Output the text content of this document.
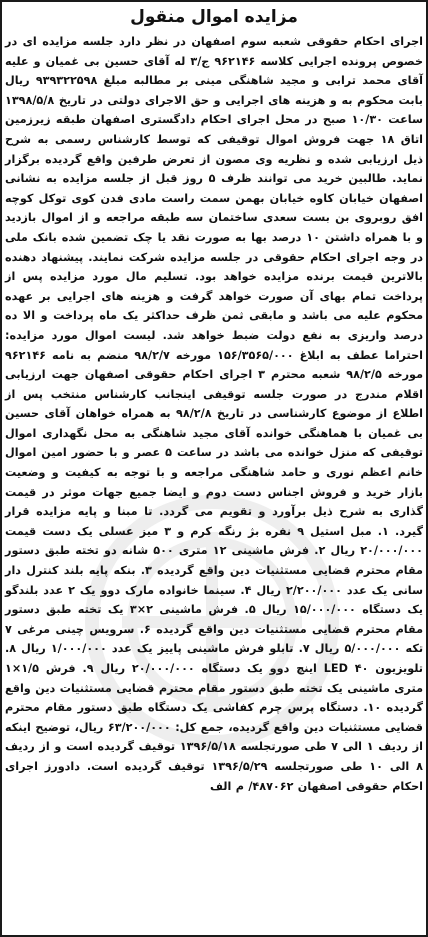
مزایده اموال منقول

اجرای احکام حقوقی شعبه سوم اصفهان در نظر دارد جلسه مزایده ای در خصوص پرونده اجرایی کلاسه ۹۶۲۱۴۶ ج/۳ له آقای حسین بی غمیان و علیه آقای محمد ترابی و مجید شاهنگی مینی بر مطالبه مبلغ ۹۳۹۳۲۲۵۹۸ ریال بابت محکوم به و هزینه های اجرایی و حق الاجرای دولتی در تاریخ ۱۳۹۸/۵/۸ ساعت ۱۰/۳۰ صبح در محل اجرای احکام دادگستری اصفهان طبقه زیرزمین اتاق ۱۸ جهت فروش اموال توقیفی که توسط کارشناس رسمی به شرح ذیل ارزیابی شده و نظریه وی مصون از تعرض طرفین واقع گردیده برگزار نماید. طالبین خرید می توانند ظرف ۵ روز قبل از جلسه مزایده به نشانی اصفهان خیابان کاوه خیابان بهمن سمت راست مادی فدن کوی توکل کوچه افق روبروی بن بست سعدی ساختمان سه طبقه مراجعه و از اموال بازدید و با همراه داشتن ۱۰ درصد بها به صورت نقد یا چک تضمین شده بانک ملی در وجه اجرای احکام حقوقی در جلسه مزایده شرکت نمایند. پیشنهاد دهنده بالاترین قیمت برنده مزایده خواهد بود. تسلیم مال مورد مزایده پس از پرداخت تمام بهای آن صورت خواهد گرفت و هزینه های اجرایی بر عهده محکوم علیه می باشد و مابقی ثمن ظرف حداکثر یک ماه پرداخت و الا ده درصد واریزی به نفع دولت ضبط خواهد شد. لیست اموال مورد مزایده: احتراما عطف به ابلاغ ۱۵۶/۳۵۶۵/۰۰۰ مورخه ۹۸/۲/۷ منضم به نامه ۹۶۲۱۴۶ مورخه ۹۸/۲/۵ شعبه محترم ۳ اجرای احکام حقوقی اصفهان جهت ارزیابی اقلام مندرج در صورت جلسه توقیفی اینجانب کارشناس منتخب پس از اطلاع از موضوع کارشناسی در تاریخ ۹۸/۲/۸ به همراه خواهان آقای حسین بی غمیان با هماهنگی خوانده آقای مجید شاهنگی به محل نگهداری اموال توقیفی که منزل خوانده می باشد در ساعت ۵ عصر و با حضور امین اموال خانم اعظم نوری و حامد شاهنگی مراجعه و با توجه به کیفیت و وضعیت بازار خرید و فروش اجناس دست دوم و ایضا جمیع جهات موثر در قیمت گذاری به شرح ذیل برآورد و تقویم می گردد. تا مبنا و پایه مزایده قرار گیرد. ۱. مبل استیل ۹ نفره بژ رنگه کرم و ۳ میز عسلی یک دست قیمت ۲۰/۰۰۰/۰۰۰ ریال ۲. فرش ماشینی ۱۲ متری ۵۰۰ شانه دو تخته طبق دستور مقام محترم قضایی مستثنیات دین واقع گردیده ۳. بنکه پایه بلند کنترل دار سانی یک عدد ۲/۲۰۰/۰۰۰ ریال ۴. سینما خانواده مارک دوو یک ۲ عدد بلندگو یک دستگاه ۱۵/۰۰۰/۰۰۰ ریال ۵. فرش ماشینی ۲×۳ یک تخته طبق دستور مقام محترم قضایی مستثنیات دین واقع گردیده ۶. سرویس چینی مرغی ۷ تکه ۵/۰۰۰/۰۰۰ ریال ۷. تابلو فرش ماشینی پاییز یک عدد ۱/۰۰۰/۰۰۰ ریال ۸. تلویزیون LED ۴۰ اینچ دوو یک دستگاه ۲۰/۰۰۰/۰۰۰ ریال ۹. فرش ۱/۵×۱ متری ماشینی یک تخته طبق دستور مقام محترم قضایی مستثنیات دین واقع گردیده ۱۰. دستگاه پرس چرم کفاشی یک دستگاه طبق دستور مقام محترم قضایی مستثنیات دین واقع گردیده، جمع کل: ۶۳/۲۰۰/۰۰۰ ریال، توضیح اینکه از ردیف ۱ الی ۷ طی صورتجلسه ۱۳۹۶/۵/۱۸ توقیف گردیده است و از ردیف ۸ الی ۱۰ طی صورتجلسه ۱۳۹۶/۵/۲۹ توقیف گردیده است. دادورز اجرای احکام حقوقی اصفهان ۴۸۷۰۶۲/ م الف
